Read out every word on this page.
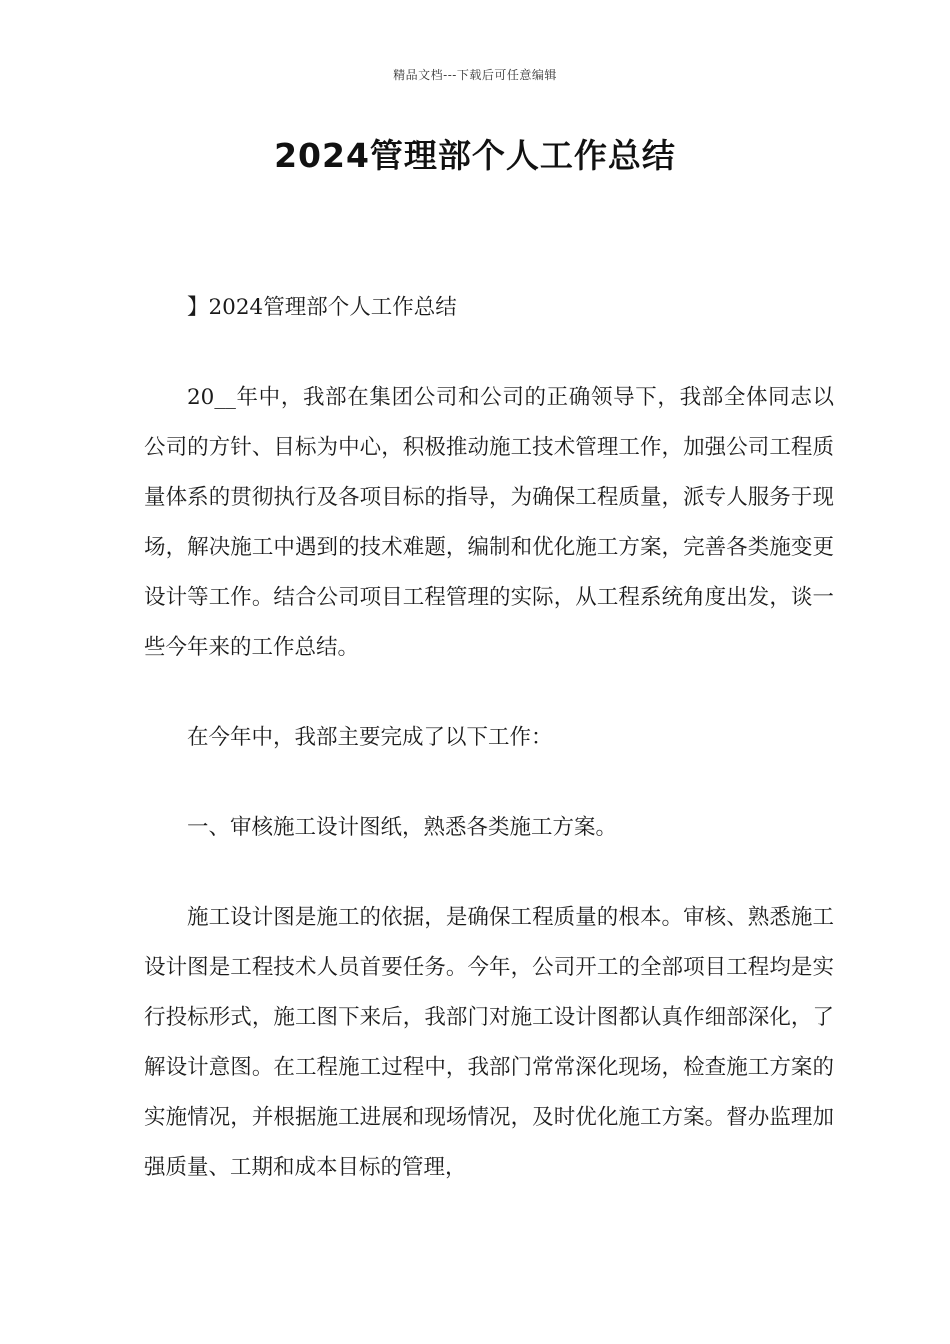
精品文档---下载后可任意编辑
2024管理部个人工作总结

】2024管理部个人工作总结

20__年中，我部在集团公司和公司的正确领导下，我部全体同志以公司的方针、目标为中心，积极推动施工技术管理工作，加强公司工程质量体系的贯彻执行及各项目标的指导，为确保工程质量，派专人服务于现场，解决施工中遇到的技术难题，编制和优化施工方案，完善各类施变更设计等工作。结合公司项目工程管理的实际，从工程系统角度出发，谈一些今年来的工作总结。

在今年中，我部主要完成了以下工作：

一、审核施工设计图纸，熟悉各类施工方案。

施工设计图是施工的依据，是确保工程质量的根本。审核、熟悉施工设计图是工程技术人员首要任务。今年，公司开工的全部项目工程均是实行投标形式，施工图下来后，我部门对施工设计图都认真作细部深化，了解设计意图。在工程施工过程中，我部门常常深化现场，检查施工方案的实施情况，并根据施工进展和现场情况，及时优化施工方案。督办监理加强质量、工期和成本目标的管理，
